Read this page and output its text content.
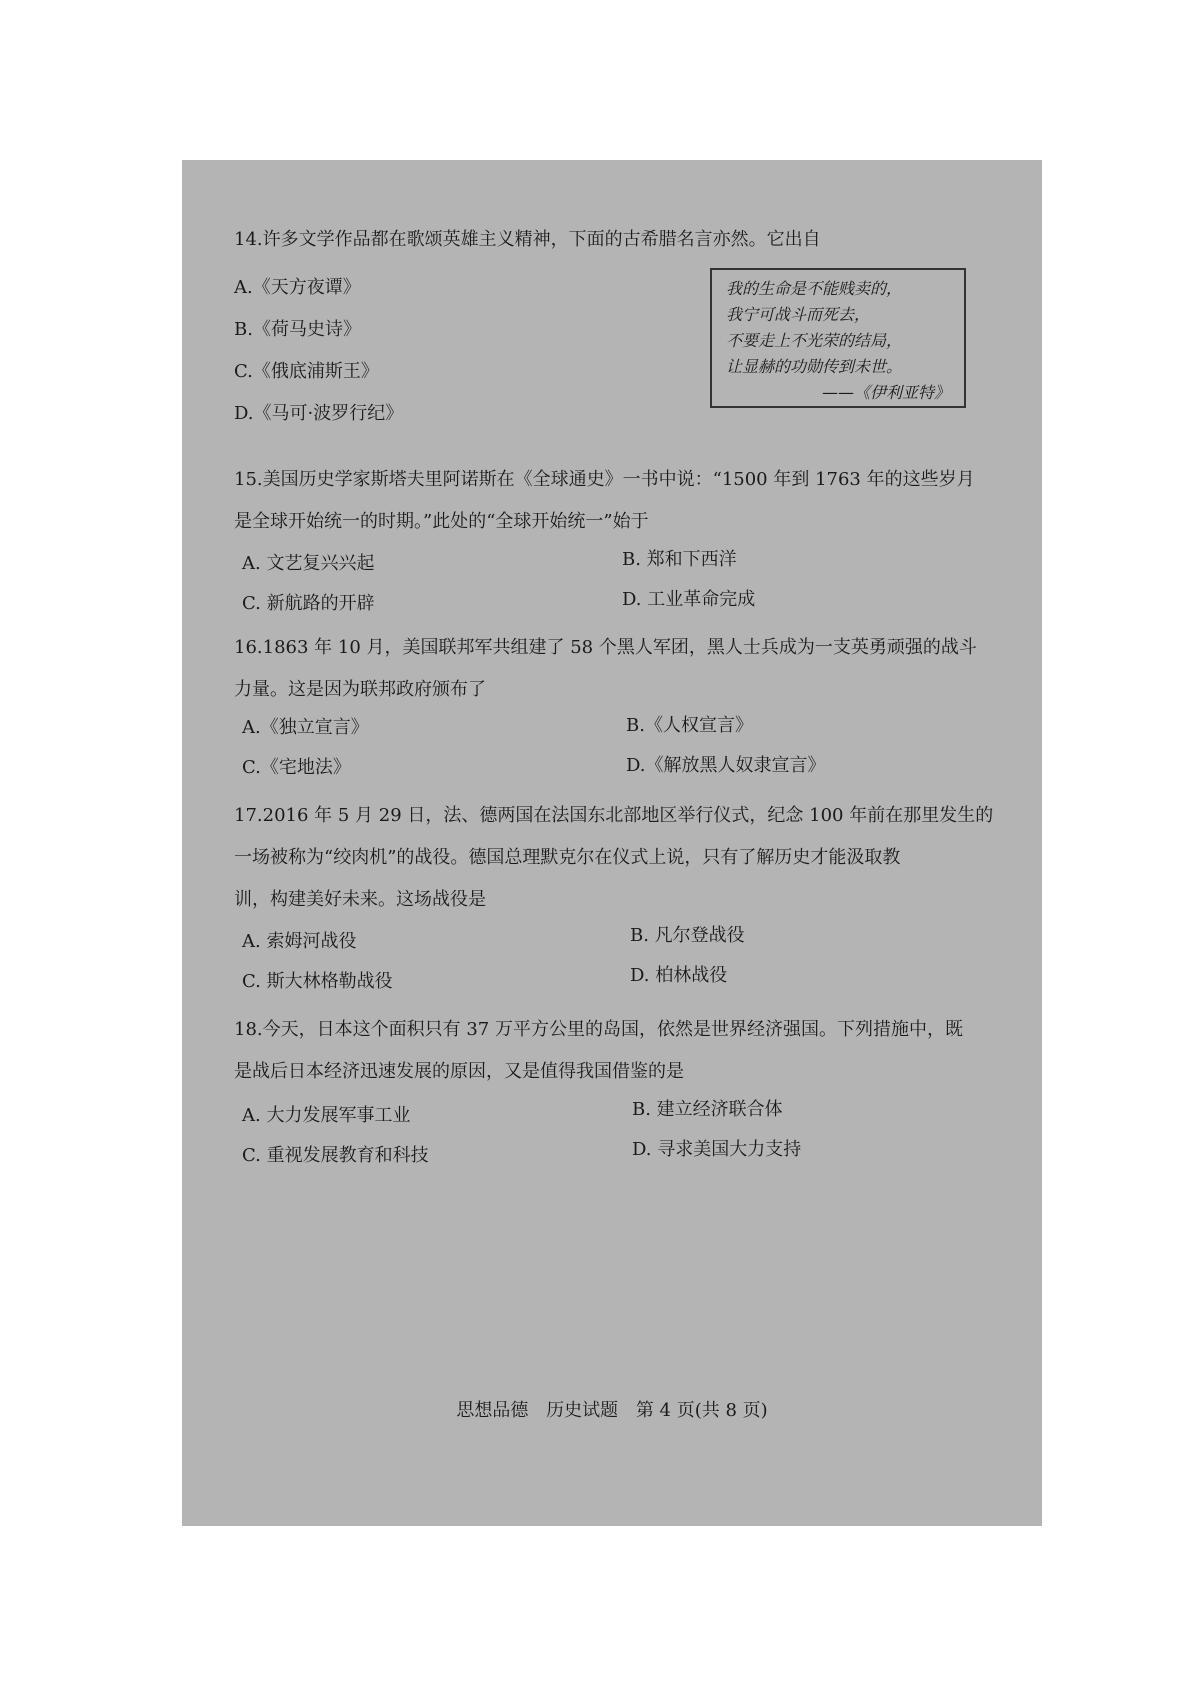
14.许多文学作品都在歌颂英雄主义精神，下面的古希腊名言亦然。它出自
A.《天方夜谭》
B.《荷马史诗》
C.《俄底浦斯王》
D.《马可·波罗行纪》
我的生命是不能贱卖的，
我宁可战斗而死去，
不要走上不光荣的结局，
让显赫的功勋传到未世。
——《伊利亚特》
15.美国历史学家斯塔夫里阿诺斯在《全球通史》一书中说：“1500 年到 1763 年的这些岁月
是全球开始统一的时期。”此处的“全球开始统一”始于
A. 文艺复兴兴起	B. 郑和下西洋
C. 新航路的开辟	D. 工业革命完成
16.1863 年 10 月，美国联邦军共组建了 58 个黑人军团，黑人士兵成为一支英勇顽强的战斗
力量。这是因为联邦政府颁布了
A.《独立宣言》	B.《人权宣言》
C.《宅地法》	D.《解放黑人奴隶宣言》
17.2016 年 5 月 29 日，法、德两国在法国东北部地区举行仪式，纪念 100 年前在那里发生的
一场被称为“绞肉机”的战役。德国总理默克尔在仪式上说，只有了解历史才能汲取教
训，构建美好未来。这场战役是
A. 索姆河战役	B. 凡尔登战役
C. 斯大林格勒战役	D. 柏林战役
18.今天，日本这个面积只有 37 万平方公里的岛国，依然是世界经济强国。下列措施中，既
是战后日本经济迅速发展的原因，又是值得我国借鉴的是
A. 大力发展军事工业	B. 建立经济联合体
C. 重视发展教育和科技	D. 寻求美国大力支持
思想品德 历史试题 第 4 页(共 8 页)
